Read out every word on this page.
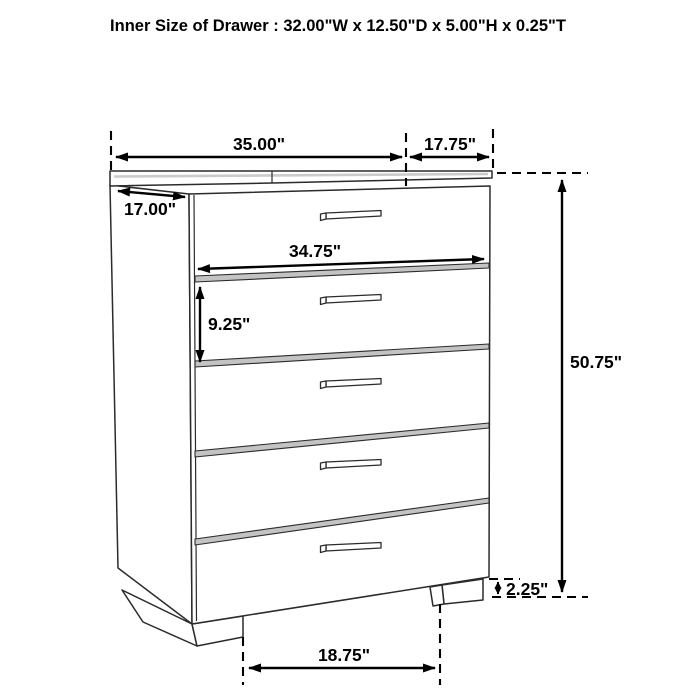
35.00"	17.75"
17.00"
34.75"
9.25"
50.75"
2.25"
18.75"
Inner Size of Drawer : 32.00"W x 12.50"D x 5.00"H x 0.25"T
